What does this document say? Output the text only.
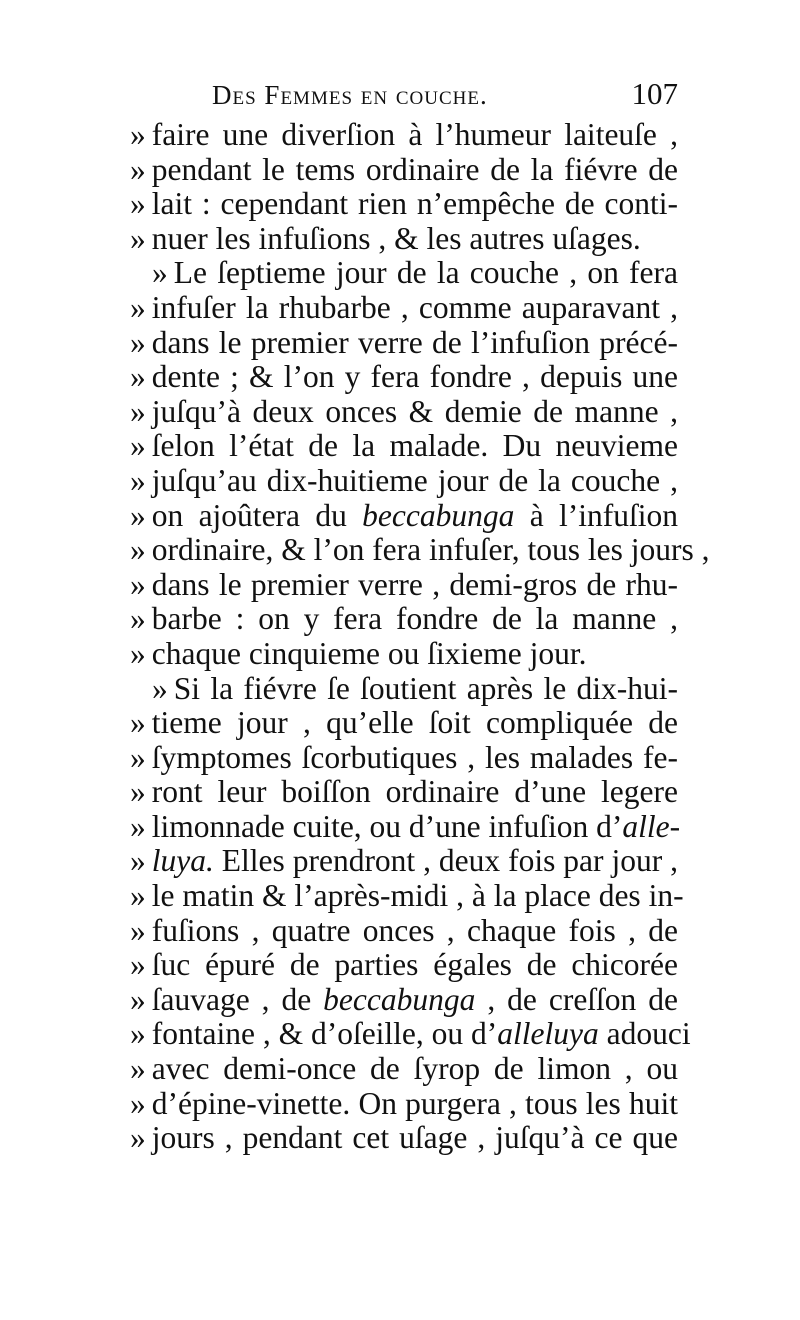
Des Femmes en couche.	107
» faire une diverſion à l’humeur laiteuſe ,
» pendant le tems ordinaire de la fiévre de
» lait : cependant rien n’empêche de conti-
» nuer les infuſions , & les autres uſages.
» Le ſeptieme jour de la couche , on fera
» infuſer la rhubarbe , comme auparavant ,
» dans le premier verre de l’infuſion précé-
» dente ; & l’on y fera fondre , depuis une
» juſqu’à deux onces & demie de manne ,
» ſelon l’état de la malade. Du neuvieme
» juſqu’au dix-huitieme jour de la couche ,
» on ajoûtera du beccabunga à l’infuſion
» ordinaire, & l’on fera infuſer, tous les jours ,
» dans le premier verre , demi-gros de rhu-
» barbe : on y fera fondre de la manne ,
» chaque cinquieme ou ſixieme jour.
» Si la fiévre ſe ſoutient après le dix-hui-
» tieme jour , qu’elle ſoit compliquée de
» ſymptomes ſcorbutiques , les malades fe-
» ront leur boiſſon ordinaire d’une legere
» limonnade cuite, ou d’une infuſion d’alle-
» luya. Elles prendront , deux fois par jour ,
» le matin & l’après-midi , à la place des in-
» fuſions , quatre onces , chaque fois , de
» ſuc épuré de parties égales de chicorée
» ſauvage , de beccabunga , de creſſon de
» fontaine , & d’oſeille, ou d’alleluya adouci
» avec demi-once de ſyrop de limon , ou
» d’épine-vinette. On purgera , tous les huit
» jours , pendant cet uſage , juſqu’à ce que
